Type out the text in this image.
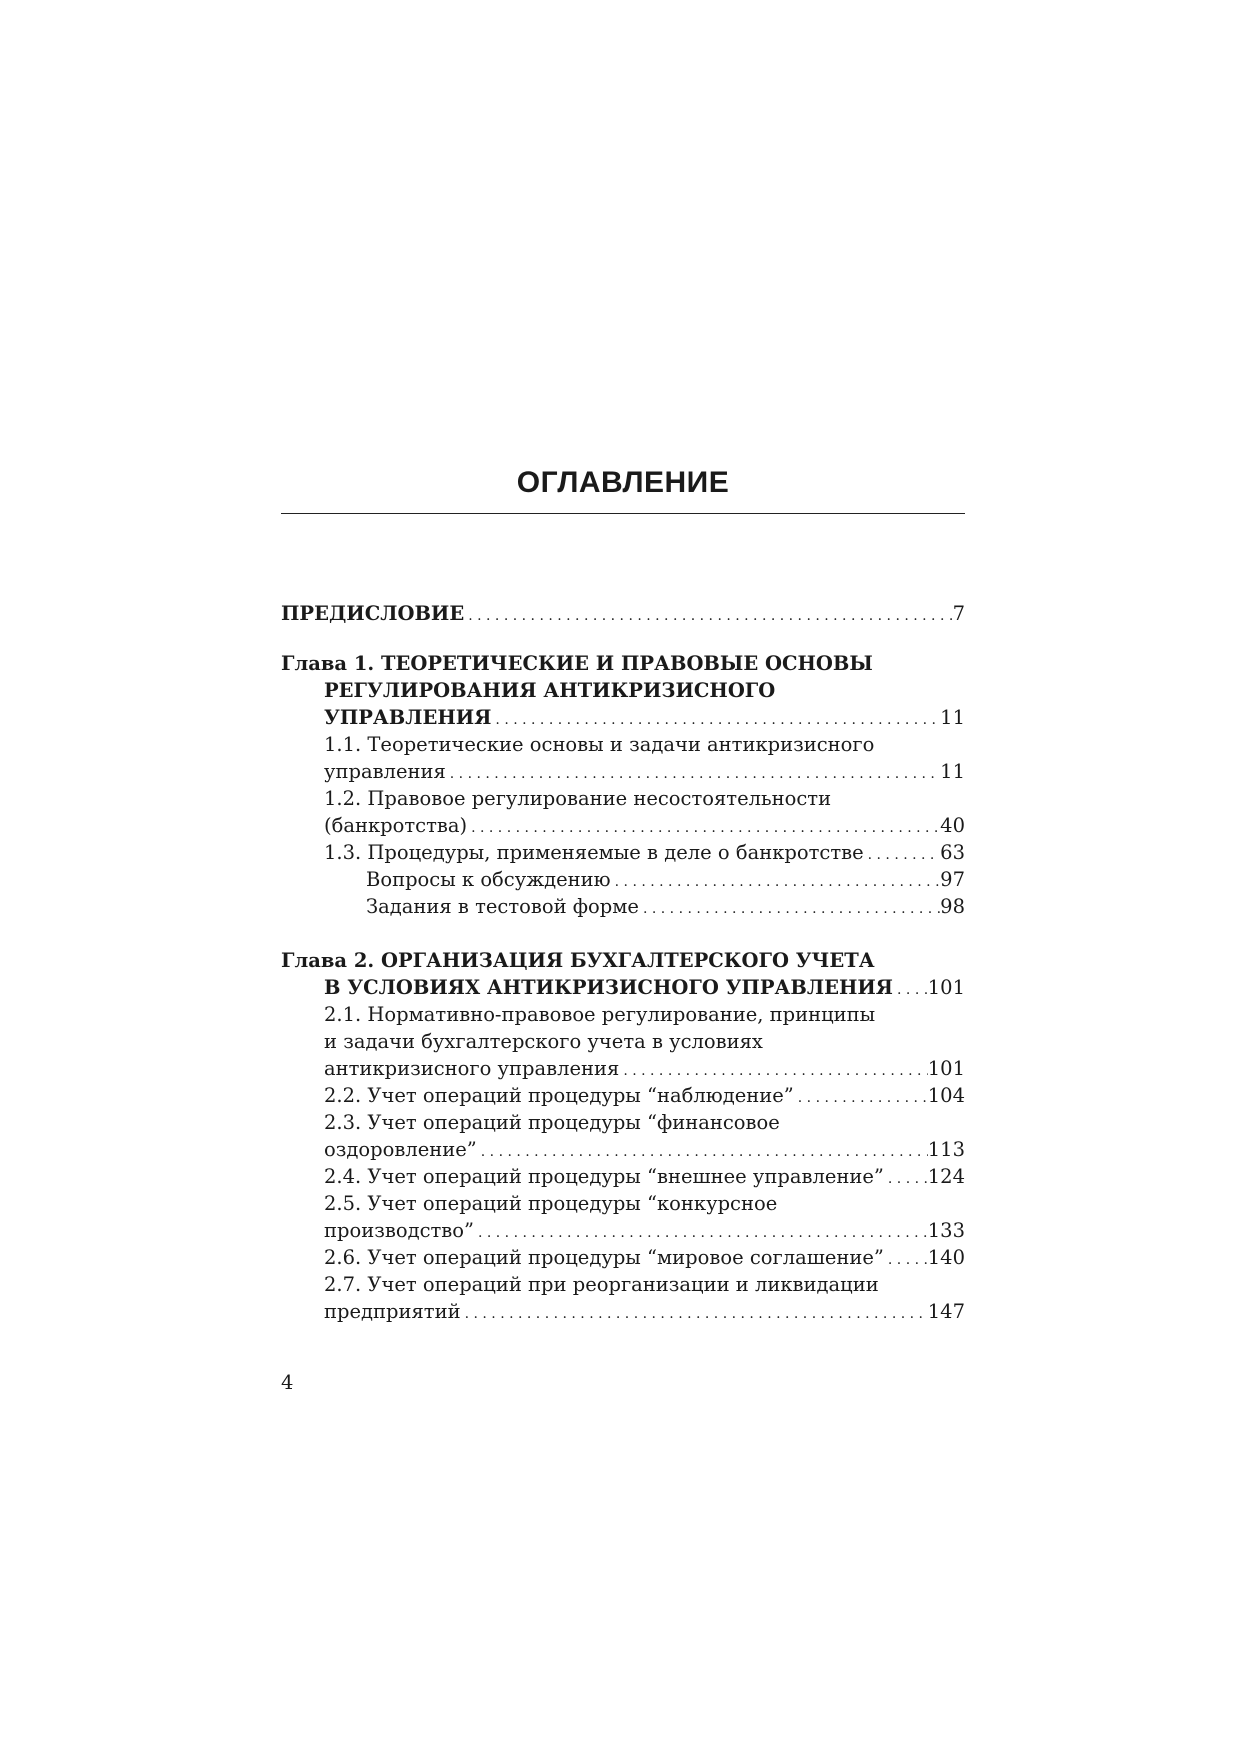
ОГЛАВЛЕНИЕ
ПРЕДИСЛОВИЕ . . .	7
Глава 1. ТЕОРЕТИЧЕСКИЕ И ПРАВОВЫЕ ОСНОВЫ
РЕГУЛИРОВАНИЯ АНТИКРИЗИСНОГО
УПРАВЛЕНИЯ . . .	11
1.1. Теоретические основы и задачи антикризисного
управления . . .	11
1.2. Правовое регулирование несостоятельности
(банкротства) . . .	40
1.3. Процедуры, применяемые в деле о банкротстве . . .	63
Вопросы к обсуждению . . .	97
Задания в тестовой форме . . .	98
Глава 2. ОРГАНИЗАЦИЯ БУХГАЛТЕРСКОГО УЧЕТА
В УСЛОВИЯХ АНТИКРИЗИСНОГО УПРАВЛЕНИЯ . . . 101
2.1. Нормативно-правовое регулирование, принципы
и задачи бухгалтерского учета в условиях
антикризисного управления . . .	101
2.2. Учет операций процедуры “наблюдение” . . .	104
2.3. Учет операций процедуры “финансовое
оздоровление” . . .	113
2.4. Учет операций процедуры “внешнее управление” . . . 124
2.5. Учет операций процедуры “конкурсное
производство” . . .	133
2.6. Учет операций процедуры “мировое соглашение” . . . 140
2.7. Учет операций при реорганизации и ликвидации
предприятий . . .	147
4
